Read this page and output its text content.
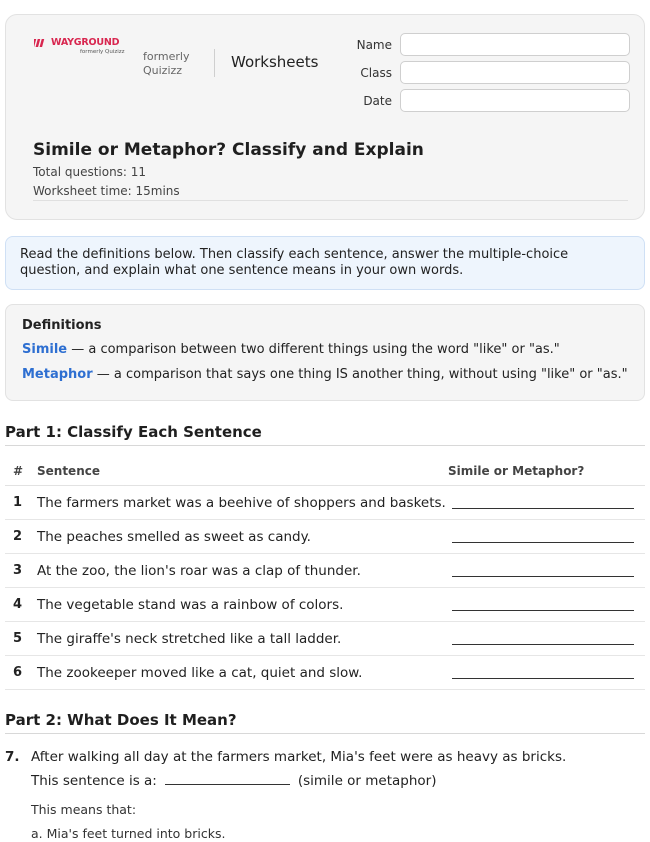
WAYGROUND
formerly Quizizz formerly
Quizizz	Worksheets
Name
Class
Date
Simile or Metaphor? Classify and Explain
Total questions: 11
Worksheet time: 15mins
Read the definitions below. Then classify each sentence, answer the multiple-choice question, and explain what one sentence means in your own words.
Definitions
Simile — a comparison between two different things using the word "like" or "as."
Metaphor — a comparison that says one thing IS another thing, without using "like" or "as."
Part 1: Classify Each Sentence
# Sentence	Simile or Metaphor?
1 The farmers market was a beehive of shoppers and baskets.
2 The peaches smelled as sweet as candy.
3 At the zoo, the lion's roar was a clap of thunder.
4 The vegetable stand was a rainbow of colors.
5 The giraffe's neck stretched like a tall ladder.
6 The zookeeper moved like a cat, quiet and slow.
Part 2: What Does It Mean?
7. After walking all day at the farmers market, Mia's feet were as heavy as bricks.
This sentence is a:	(simile or metaphor)
This means that:
a. Mia's feet turned into bricks.
